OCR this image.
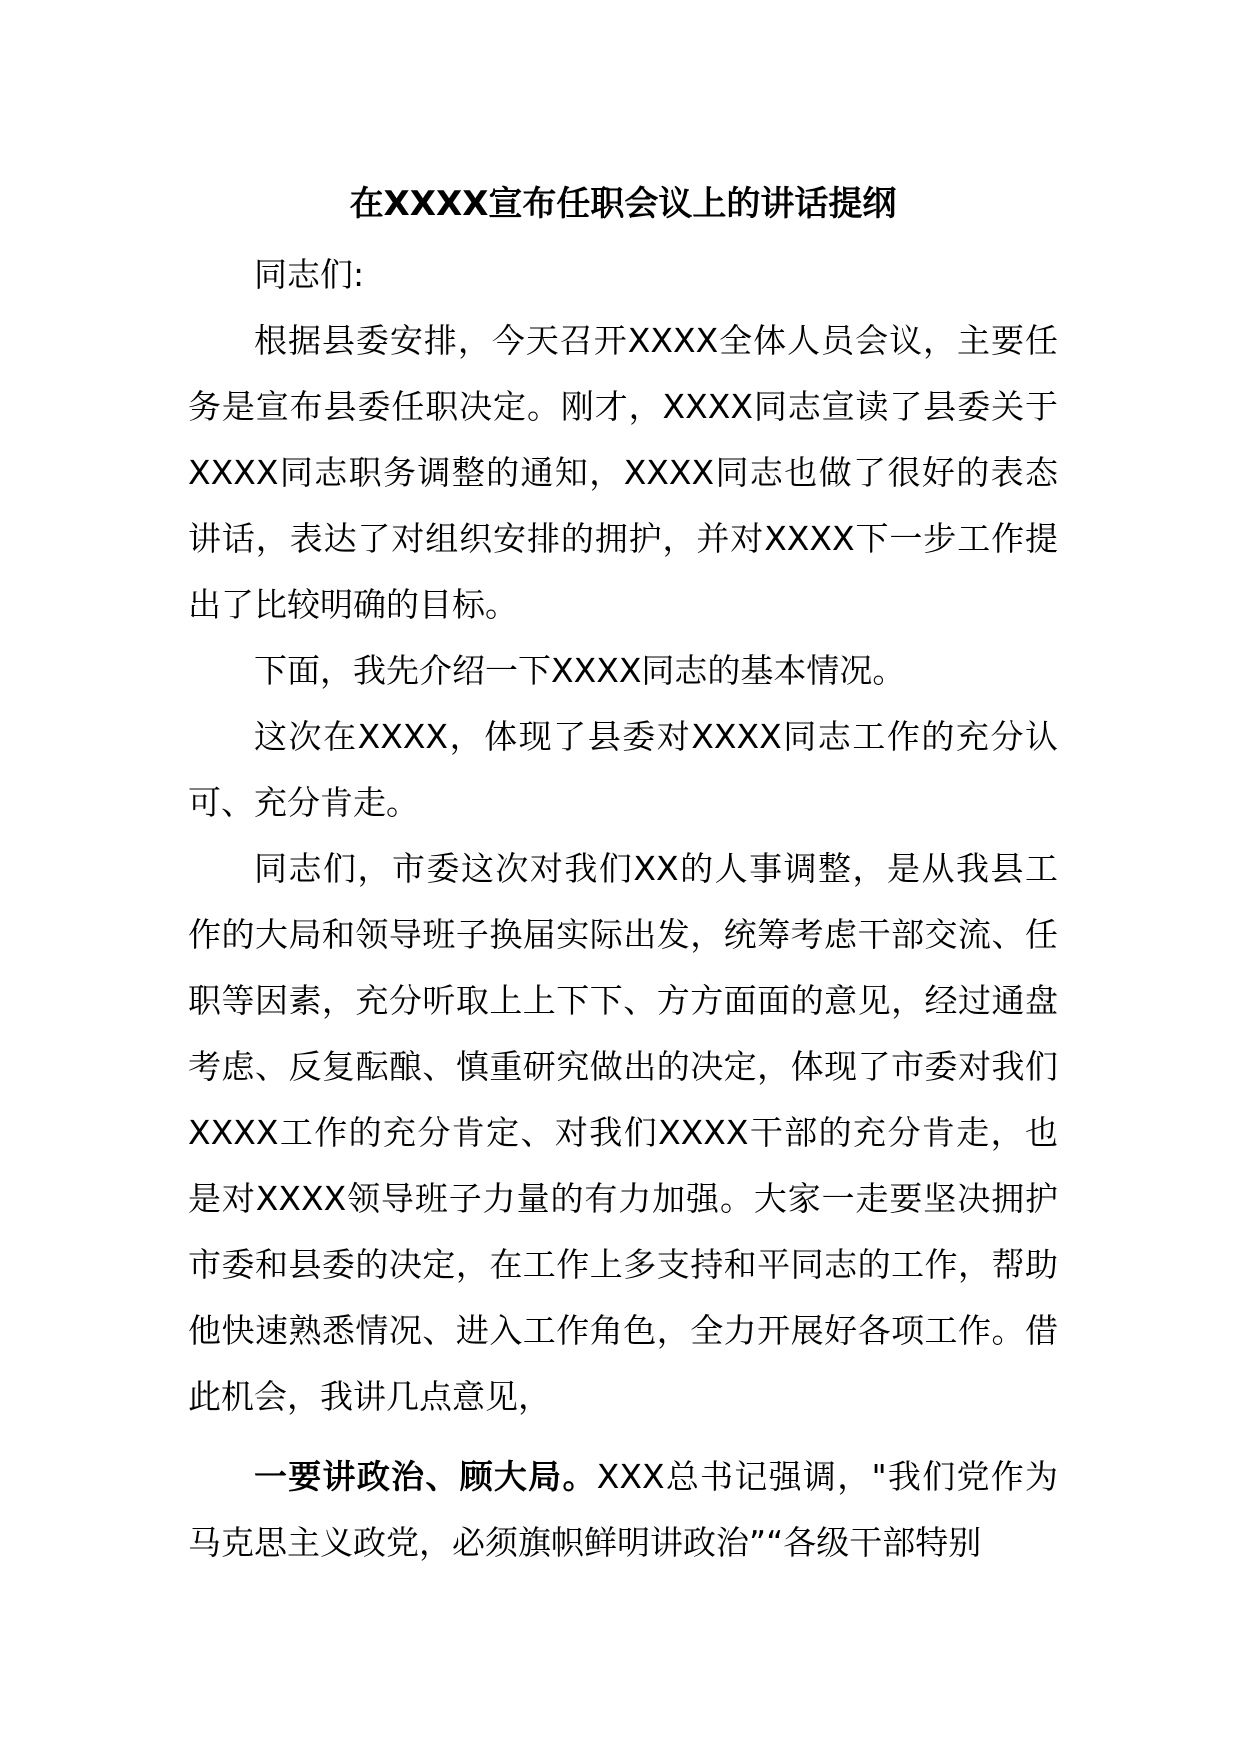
在XXXX宣布任职会议上的讲话提纲

同志们:

根据县委安排，今天召开XXXX全体人员会议，主要任务是宣布县委任职决定。刚才，XXXX同志宣读了县委关于XXXX同志职务调整的通知，XXXX同志也做了很好的表态讲话，表达了对组织安排的拥护，并对XXXX下一步工作提出了比较明确的目标。

下面，我先介绍一下XXXX同志的基本情况。

这次在XXXX，体现了县委对XXXX同志工作的充分认可、充分肯走。

同志们，市委这次对我们XX的人事调整，是从我县工作的大局和领导班子换届实际出发，统筹考虑干部交流、任职等因素，充分听取上上下下、方方面面的意见，经过通盘考虑、反复酝酿、慎重研究做出的决定，体现了市委对我们XXXX工作的充分肯定、对我们XXXX干部的充分肯走，也是对XXXX领导班子力量的有力加强。大家一走要坚决拥护市委和县委的决定，在工作上多支持和平同志的工作，帮助他快速熟悉情况、进入工作角色，全力开展好各项工作。借此机会，我讲几点意见，

一要讲政治、顾大局。XXX总书记强调，"我们党作为马克思主义政党，必须旗帜鲜明讲政治”“各级干部特别
